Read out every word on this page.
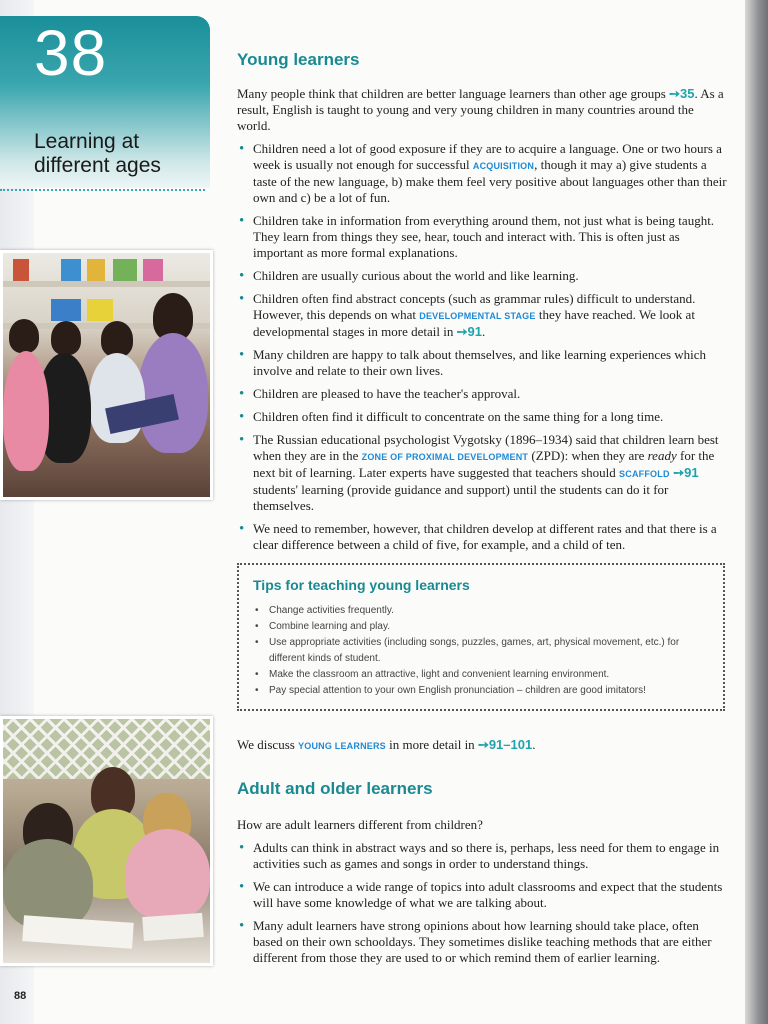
38
Learning at different ages
Young learners

Many people think that children are better language learners than other age groups ➙35. As a result, English is taught to young and very young children in many countries around the world.

• Children need a lot of good exposure if they are to acquire a language. One or two hours a week is usually not enough for successful ACQUISITION, though it may a) give students a taste of the new language, b) make them feel very positive about languages other than their own and c) be a lot of fun.
• Children take in information from everything around them, not just what is being taught. They learn from things they see, hear, touch and interact with. This is often just as important as more formal explanations.
• Children are usually curious about the world and like learning.
• Children often find abstract concepts (such as grammar rules) difficult to understand. However, this depends on what DEVELOPMENTAL STAGE they have reached. We look at developmental stages in more detail in ➙91.
• Many children are happy to talk about themselves, and like learning experiences which involve and relate to their own lives.
• Children are pleased to have the teacher's approval.
• Children often find it difficult to concentrate on the same thing for a long time.
• The Russian educational psychologist Vygotsky (1896–1934) said that children learn best when they are in the ZONE OF PROXIMAL DEVELOPMENT (ZPD): when they are ready for the next bit of learning. Later experts have suggested that teachers should SCAFFOLD ➙91 students' learning (provide guidance and support) until the students can do it for themselves.
• We need to remember, however, that children develop at different rates and that there is a clear difference between a child of five, for example, and a child of ten.
Tips for teaching young learners
• Change activities frequently.
• Combine learning and play.
• Use appropriate activities (including songs, puzzles, games, art, physical movement, etc.) for different kinds of student.
• Make the classroom an attractive, light and convenient learning environment.
• Pay special attention to your own English pronunciation – children are good imitators!

We discuss YOUNG LEARNERS in more detail in ➙91–101.

Adult and older learners

How are adult learners different from children?

• Adults can think in abstract ways and so there is, perhaps, less need for them to engage in activities such as games and songs in order to understand things.
• We can introduce a wide range of topics into adult classrooms and expect that the students will have some knowledge of what we are talking about.
• Many adult learners have strong opinions about how learning should take place, often based on their own schooldays. They sometimes dislike teaching methods that are either different from those they are used to or which remind them of earlier learning.
88
